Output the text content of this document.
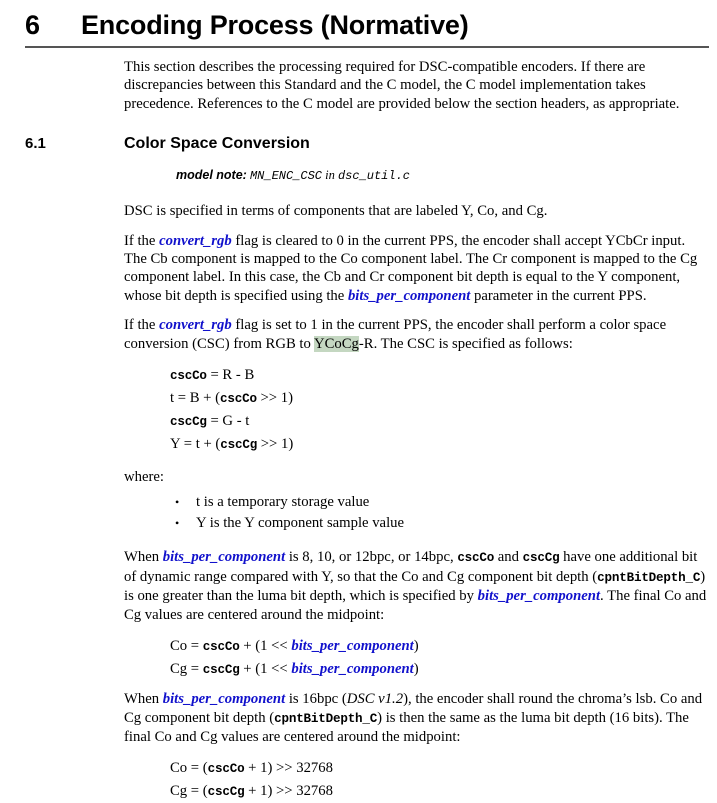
6	Encoding Process (Normative)

This section describes the processing required for DSC-compatible encoders. If there are discrepancies between this Standard and the C model, the C model implementation takes precedence. References to the C model are provided below the section headers, as appropriate.

6.1	Color Space Conversion

model note: MN_ENC_CSC in dsc_util.c

DSC is specified in terms of components that are labeled Y, Co, and Cg.

If the convert_rgb flag is cleared to 0 in the current PPS, the encoder shall accept YCbCr input. The Cb component is mapped to the Co component label. The Cr component is mapped to the Cg component label. In this case, the Cb and Cr component bit depth is equal to the Y component, whose bit depth is specified using the bits_per_component parameter in the current PPS.

If the convert_rgb flag is set to 1 in the current PPS, the encoder shall perform a color space conversion (CSC) from RGB to YCoCg-R. The CSC is specified as follows:

cscCo = R - B
t = B + (cscCo >> 1)
cscCg = G - t
Y = t + (cscCg >> 1)
where:
• t is a temporary storage value
• Y is the Y component sample value

When bits_per_component is 8, 10, or 12bpc, or 14bpc, cscCo and cscCg have one additional bit of dynamic range compared with Y, so that the Co and Cg component bit depth (cpntBitDepth_C) is one greater than the luma bit depth, which is specified by bits_per_component. The final Co and Cg values are centered around the midpoint:

Co = cscCo + (1 << bits_per_component)
Cg = cscCg + (1 << bits_per_component)

When bits_per_component is 16bpc (DSC v1.2), the encoder shall round the chroma’s lsb. Co and Cg component bit depth (cpntBitDepth_C) is then the same as the luma bit depth (16 bits). The final Co and Cg values are centered around the midpoint:

Co = (cscCo + 1) >> 32768
Cg = (cscCg + 1) >> 32768
